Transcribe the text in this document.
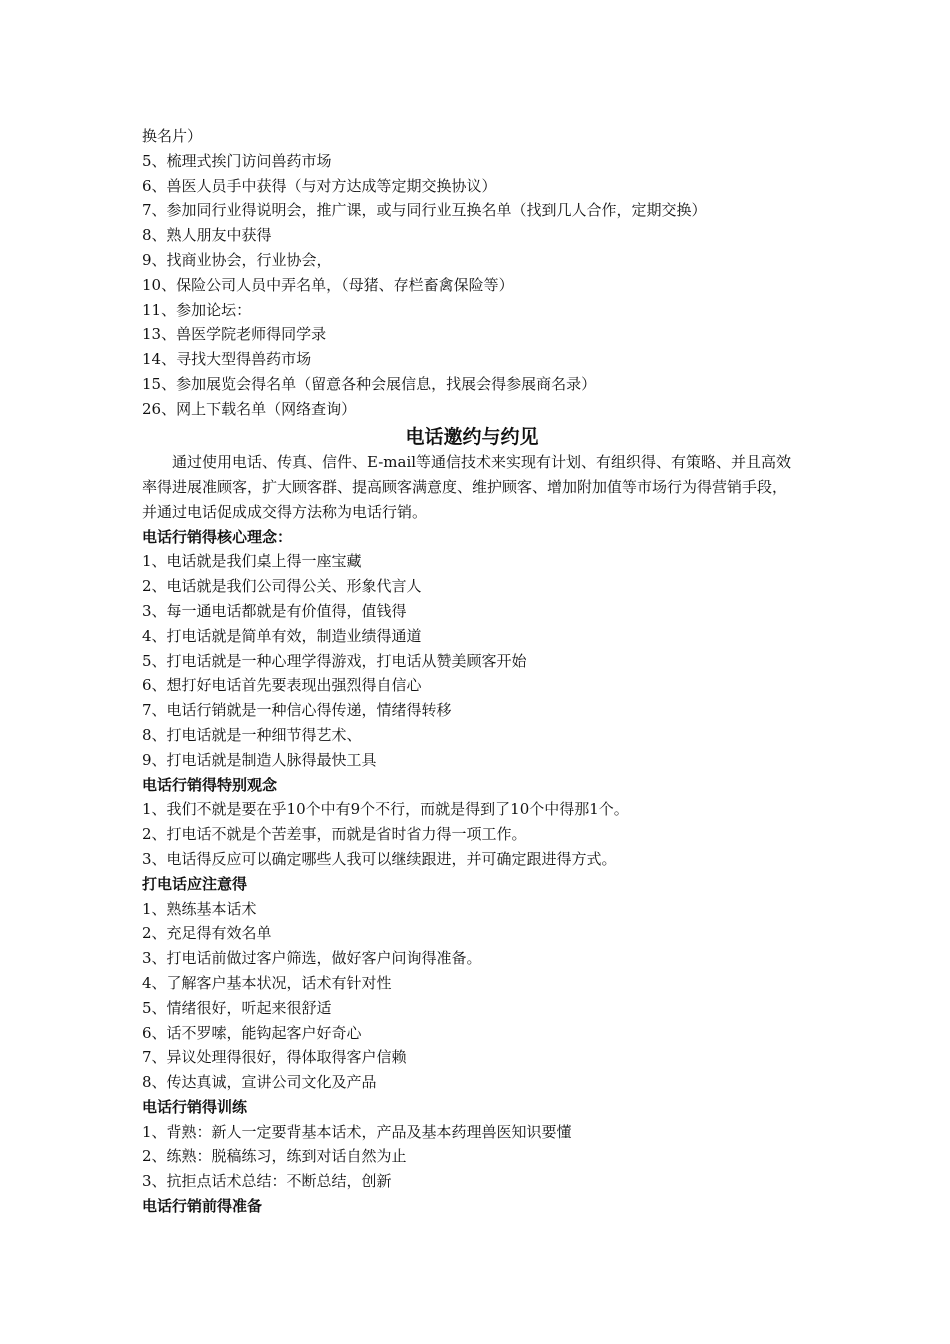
换名片）
5、梳理式挨门访问兽药市场
6、兽医人员手中获得（与对方达成等定期交换协议）
7、参加同行业得说明会，推广课，或与同行业互换名单（找到几人合作，定期交换）
8、熟人朋友中获得
9、找商业协会，行业协会，
10、保险公司人员中弄名单，（母猪、存栏畜禽保险等）
11、参加论坛：
13、兽医学院老师得同学录
14、寻找大型得兽药市场
15、参加展览会得名单（留意各种会展信息，找展会得参展商名录）
26、网上下载名单（网络查询）
电话邀约与约见

通过使用电话、传真、信件、E-mail等通信技术来实现有计划、有组织得、有策略、并且高效率得进展准顾客，扩大顾客群、提高顾客满意度、维护顾客、增加附加值等市场行为得营销手段，并通过电话促成成交得方法称为电话行销。

电话行销得核心理念：
1、电话就是我们桌上得一座宝藏
2、电话就是我们公司得公关、形象代言人
3、每一通电话都就是有价值得，值钱得
4、打电话就是简单有效，制造业绩得通道
5、打电话就是一种心理学得游戏，打电话从赞美顾客开始
6、想打好电话首先要表现出强烈得自信心
7、电话行销就是一种信心得传递，情绪得转移
8、打电话就是一种细节得艺术、
9、打电话就是制造人脉得最快工具
电话行销得特别观念
1、我们不就是要在乎10个中有9个不行，而就是得到了10个中得那1个。
2、打电话不就是个苦差事，而就是省时省力得一项工作。
3、电话得反应可以确定哪些人我可以继续跟进，并可确定跟进得方式。
打电话应注意得
1、熟练基本话术
2、充足得有效名单
3、打电话前做过客户筛选，做好客户问询得准备。
4、了解客户基本状况，话术有针对性
5、情绪很好，听起来很舒适
6、话不罗嗦，能钩起客户好奇心
7、异议处理得很好，得体取得客户信赖
8、传达真诚，宣讲公司文化及产品
电话行销得训练
1、背熟：新人一定要背基本话术，产品及基本药理兽医知识要懂
2、练熟：脱稿练习，练到对话自然为止
3、抗拒点话术总结：不断总结，创新
电话行销前得准备
